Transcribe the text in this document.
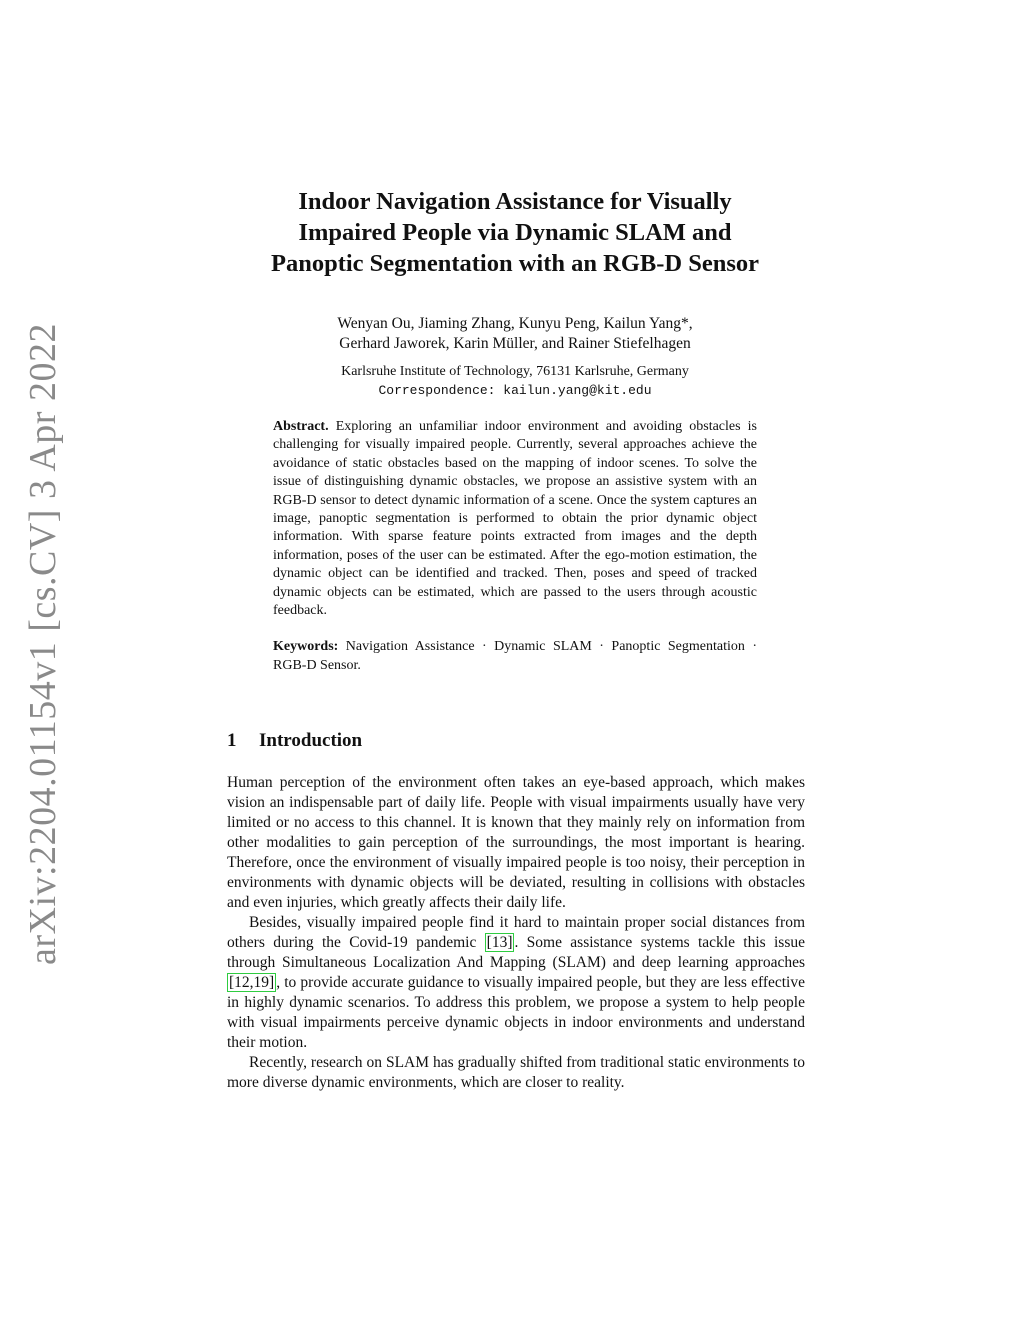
arXiv:2204.01154v1 [cs.CV] 3 Apr 2022
Indoor Navigation Assistance for Visually
Impaired People via Dynamic SLAM and
Panoptic Segmentation with an RGB-D Sensor
Wenyan Ou, Jiaming Zhang, Kunyu Peng, Kailun Yang*,
Gerhard Jaworek, Karin Müller, and Rainer Stiefelhagen
Karlsruhe Institute of Technology, 76131 Karlsruhe, Germany
Correspondence: kailun.yang@kit.edu

Abstract. Exploring an unfamiliar indoor environment and avoiding obstacles is challenging for visually impaired people. Currently, several approaches achieve the avoidance of static obstacles based on the mapping of indoor scenes. To solve the issue of distinguishing dynamic obstacles, we propose an assistive system with an RGB-D sensor to detect dynamic information of a scene. Once the system captures an image, panoptic segmentation is performed to obtain the prior dynamic object information. With sparse feature points extracted from images and the depth information, poses of the user can be estimated. After the ego-motion estimation, the dynamic object can be identified and tracked. Then, poses and speed of tracked dynamic objects can be estimated, which are passed to the users through acoustic feedback.

Keywords: Navigation Assistance · Dynamic SLAM · Panoptic Segmentation · RGB-D Sensor.

1 Introduction

Human perception of the environment often takes an eye-based approach, which makes vision an indispensable part of daily life. People with visual impairments usually have very limited or no access to this channel. It is known that they mainly rely on information from other modalities to gain perception of the surroundings, the most important is hearing. Therefore, once the environment of visually impaired people is too noisy, their perception in environments with dynamic objects will be deviated, resulting in collisions with obstacles and even injuries, which greatly affects their daily life.

Besides, visually impaired people find it hard to maintain proper social distances from others during the Covid-19 pandemic [13] . Some assistance systems tackle this issue through Simultaneous Localization And Mapping (SLAM) and deep learning approaches [12,19] , to provide accurate guidance to visually impaired people, but they are less effective in highly dynamic scenarios. To address this problem, we propose a system to help people with visual impairments perceive dynamic objects in indoor environments and understand their motion.

Recently, research on SLAM has gradually shifted from traditional static environments to more diverse dynamic environments, which are closer to reality.
